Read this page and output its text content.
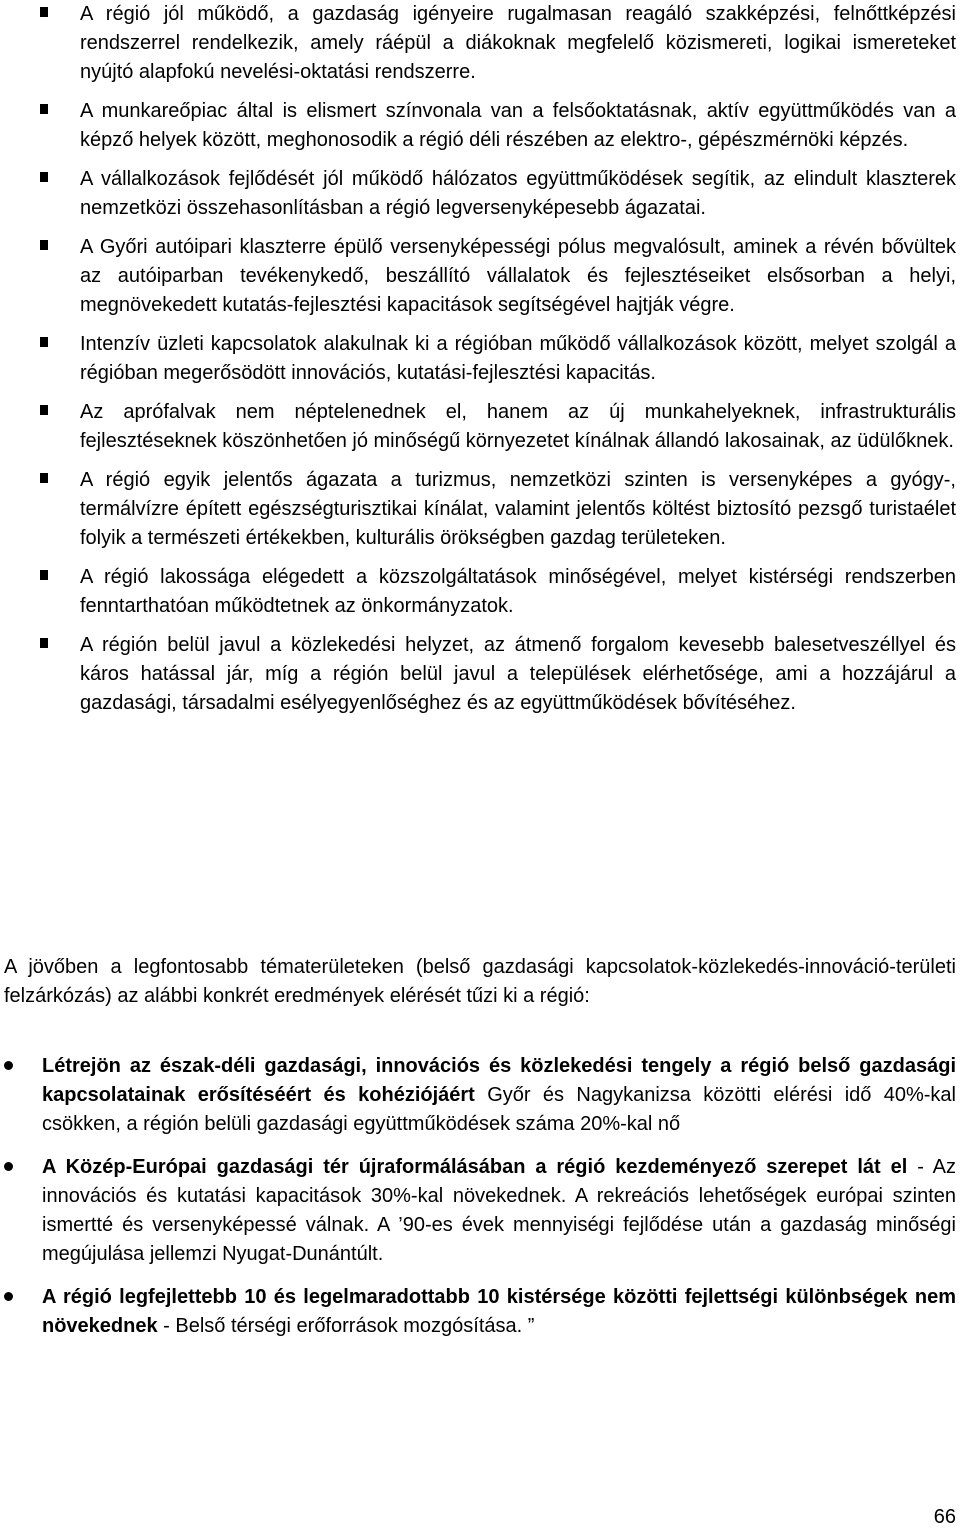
A régió jól működő, a gazdaság igényeire rugalmasan reagáló szakképzési, felnőttképzési rendszerrel rendelkezik, amely ráépül a diákoknak megfelelő közismereti, logikai ismereteket nyújtó alapfokú nevelési-oktatási rendszerre.
A munkareőpiac által is elismert színvonala van a felsőoktatásnak, aktív együttműködés van a képző helyek között, meghonosodik a régió déli részében az elektro-, gépészmérnöki képzés.
A vállalkozások fejlődését jól működő hálózatos együttműködések segítik, az elindult klaszterek nemzetközi összehasonlításban a régió legversenyképesebb ágazatai.
A Győri autóipari klaszterre épülő versenyképességi pólus megvalósult, aminek a révén bővültek az autóiparban tevékenykedő, beszállító vállalatok és fejlesztéseiket elsősorban a helyi, megnövekedett kutatás-fejlesztési kapacitások segítségével hajtják végre.
Intenzív üzleti kapcsolatok alakulnak ki a régióban működő vállalkozások között, melyet szolgál a régióban megerősödött innovációs, kutatási-fejlesztési kapacitás.
Az aprófalvak nem néptelenednek el, hanem az új munkahelyeknek, infrastrukturális fejlesztéseknek köszönhetően jó minőségű környezetet kínálnak állandó lakosainak, az üdülőknek.
A régió egyik jelentős ágazata a turizmus, nemzetközi szinten is versenyképes a gyógy-, termálvízre épített egészségturisztikai kínálat, valamint jelentős költést biztosító pezsgő turistaélet folyik a természeti értékekben, kulturális örökségben gazdag területeken.
A régió lakossága elégedett a közszolgáltatások minőségével, melyet kistérségi rendszerben fenntarthatóan működtetnek az önkormányzatok.
A régión belül javul a közlekedési helyzet, az átmenő forgalom kevesebb balesetveszéllyel és káros hatással jár, míg a régión belül javul a települések elérhetősége, ami a hozzájárul a gazdasági, társadalmi esélyegyenlőséghez és az együttműködések bővítéséhez.

A jövőben a legfontosabb tématerületeken (belső gazdasági kapcsolatok-közlekedés-innováció-területi felzárkózás) az alábbi konkrét eredmények elérését tűzi ki a régió:

Létrejön az észak-déli gazdasági, innovációs és közlekedési tengely a régió belső gazdasági kapcsolatainak erősítéséért és kohéziójáért Győr és Nagykanizsa közötti elérési idő 40%-kal csökken, a régión belüli gazdasági együttműködések száma 20%-kal nő
A Közép-Európai gazdasági tér újraformálásában a régió kezdeményező szerepet lát el - Az innovációs és kutatási kapacitások 30%-kal növekednek. A rekreációs lehetőségek európai szinten ismertté és versenyképessé válnak. A ’90-es évek mennyiségi fejlődése után a gazdaság minőségi megújulása jellemzi Nyugat-Dunántúlt.
A régió legfejlettebb 10 és legelmaradottabb 10 kistérsége közötti fejlettségi különbségek nem növekednek - Belső térségi erőforrások mozgósítása. ”
66
